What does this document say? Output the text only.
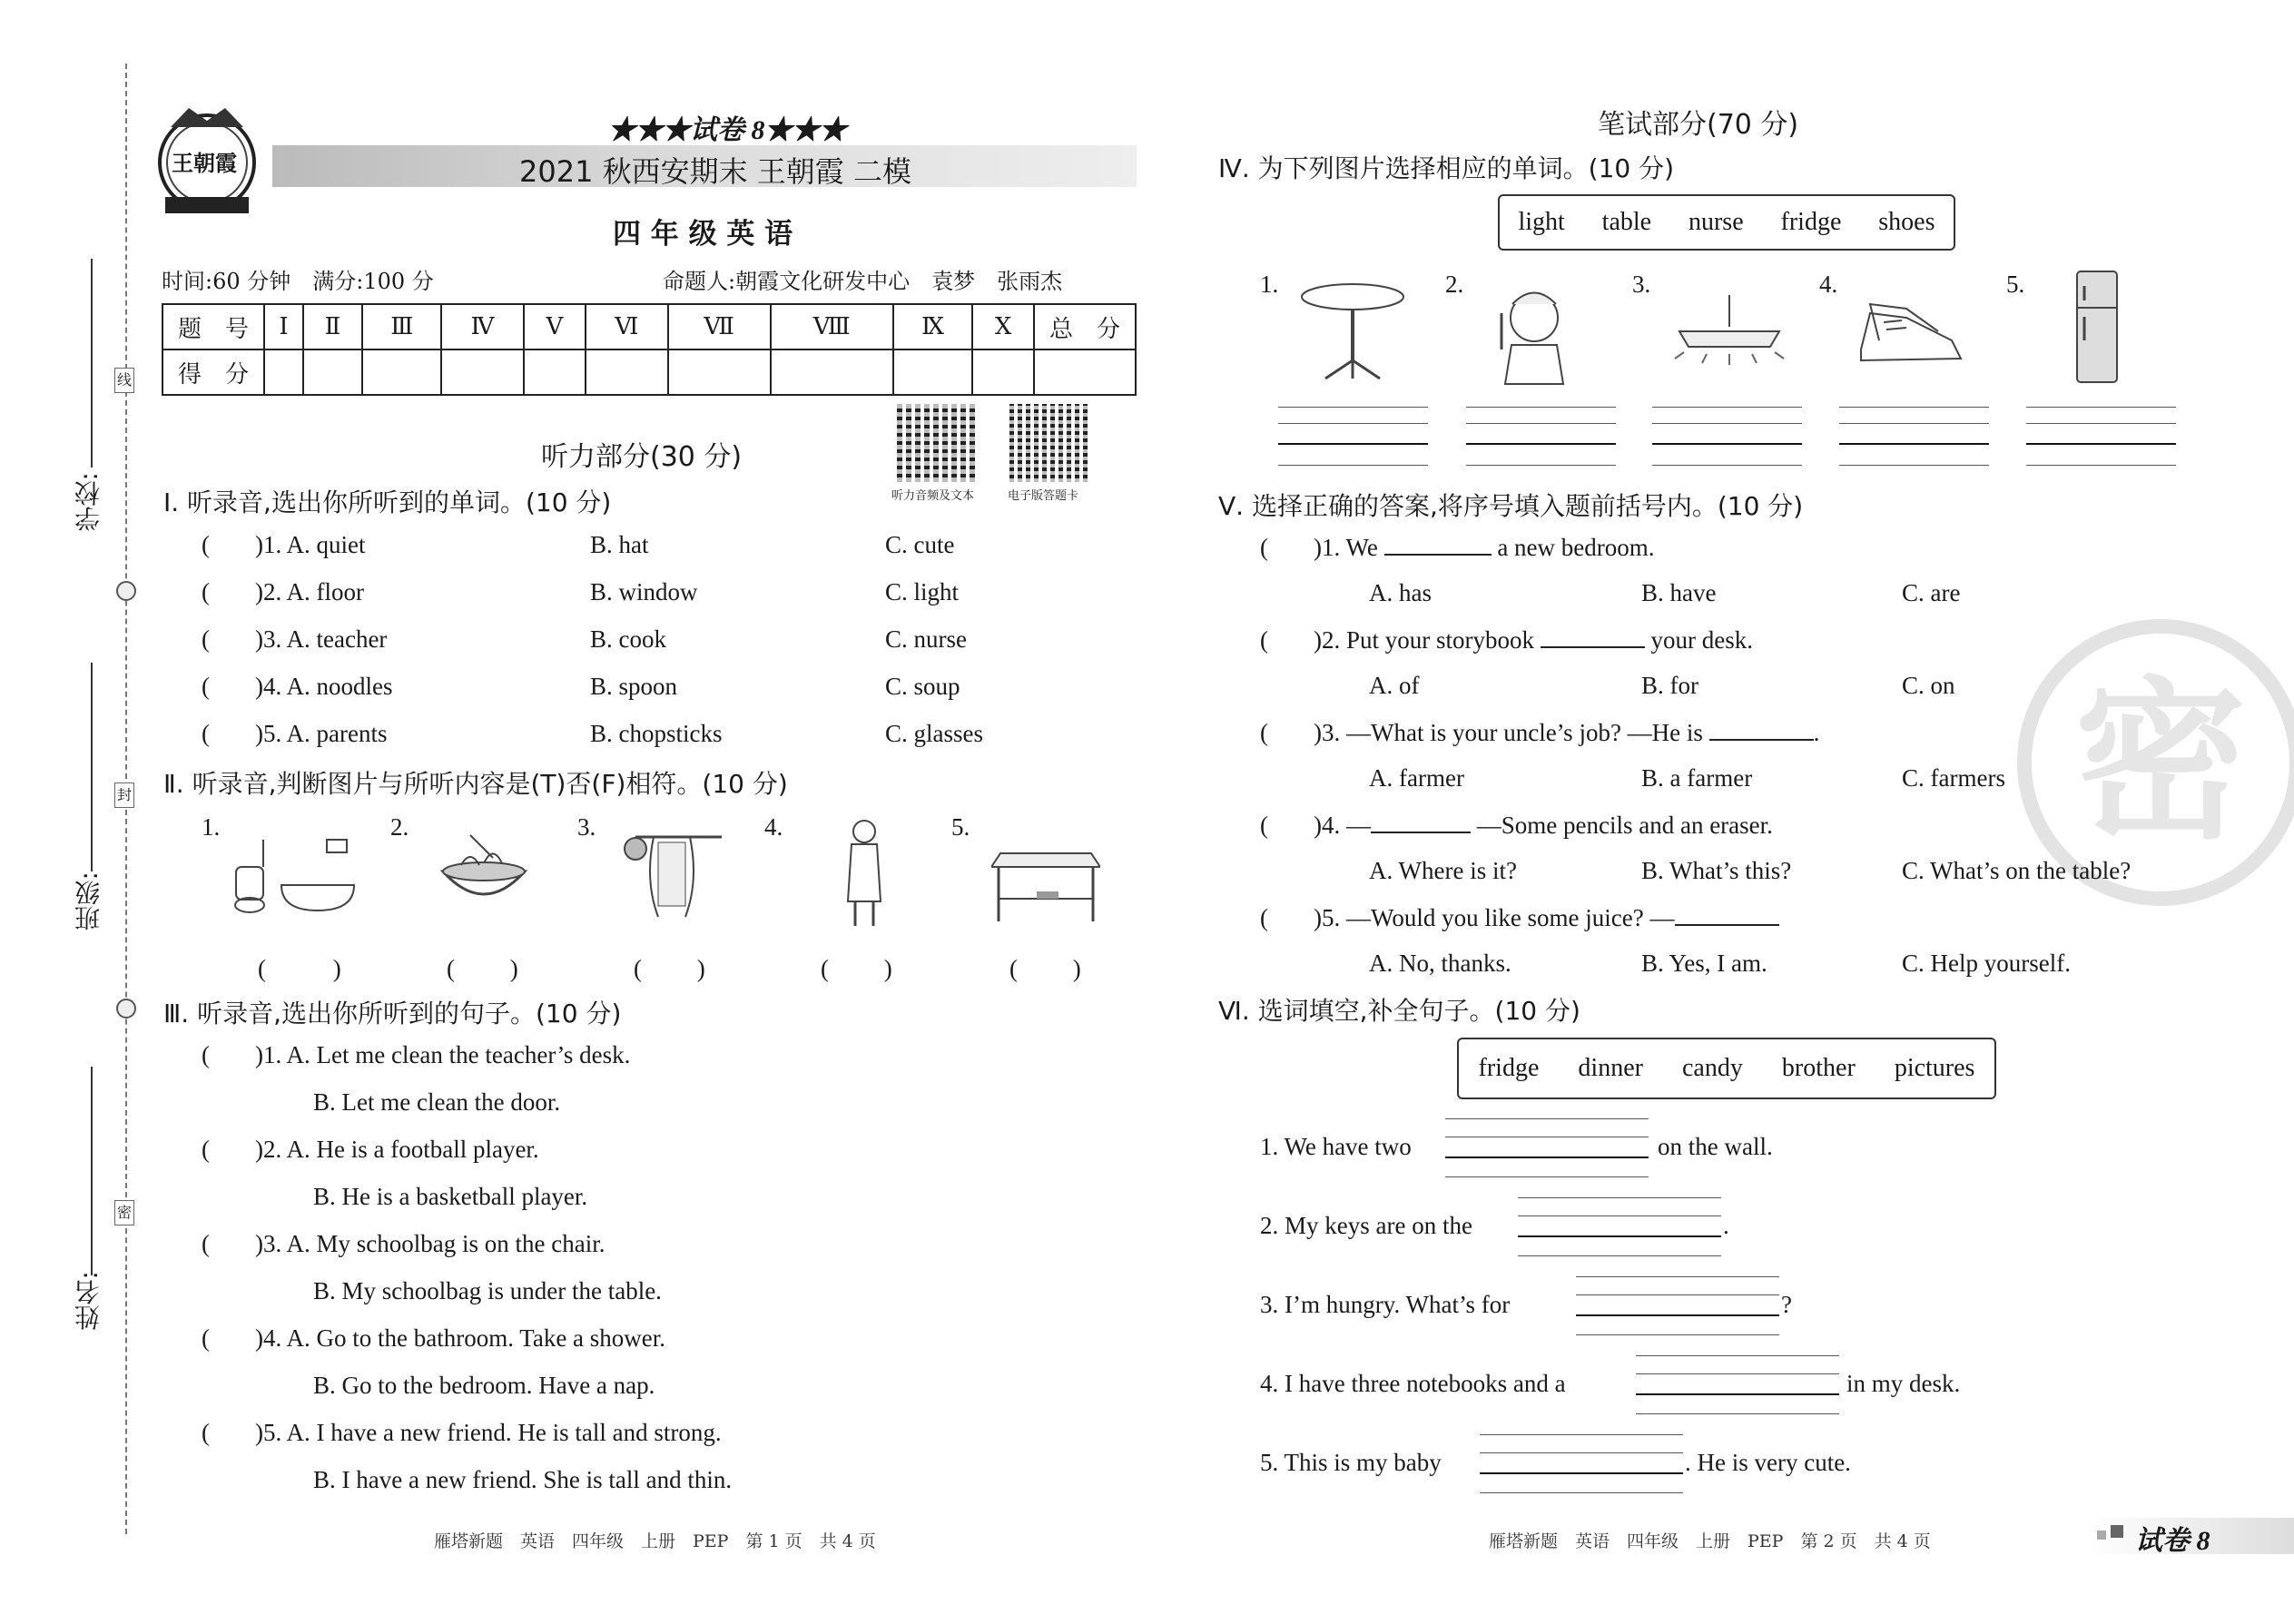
学校:
班级:
姓名:
线
封
密
王朝霞
★★★试卷 8★★★
2021 秋西安期末 王朝霞 二模
四 年 级 英 语
时间:60 分钟　满分:100 分	命题人:朝霞文化研发中心　袁梦　张雨杰
题　号	Ⅰ	Ⅱ	Ⅲ	Ⅳ	Ⅴ	Ⅵ	Ⅶ	Ⅷ	Ⅸ	Ⅹ	总　分
得　分											
听力音频及文本	电子版答题卡
听力部分(30 分)
Ⅰ. 听录音,选出你所听到的单词。(10 分)
( )1. A. quiet	B. hat	C. cute
( )2. A. floor	B. window	C. light
( )3. A. teacher	B. cook	C. nurse
( )4. A. noodles	B. spoon	C. soup
( )5. A. parents	B. chopsticks	C. glasses
Ⅱ. 听录音,判断图片与所听内容是(T)否(F)相符。(10 分)
1.	2.	3.	4.	5.
(　 )	(　　 )	(　　 )	(　　 )	(　　 )
Ⅲ. 听录音,选出你所听到的句子。(10 分)
( )1. A. Let me clean the teacher’s desk.
B. Let me clean the door.
( )2. A. He is a football player.
B. He is a basketball player.
( )3. A. My schoolbag is on the chair.
B. My schoolbag is under the table.
( )4. A. Go to the bathroom. Take a shower.
B. Go to the bedroom. Have a nap.
( )5. A. I have a new friend. He is tall and strong.
B. I have a new friend. She is tall and thin.
雁塔新题　英语　四年级　上册　PEP　第 1 页　共 4 页
笔试部分(70 分)
Ⅳ. 为下列图片选择相应的单词。(10 分)
light table nurse fridge shoes
1.	2.	3.	4.	5.
密
Ⅴ. 选择正确的答案,将序号填入题前括号内。(10 分)
( )1. We	a new bedroom.
A. has	B. have	C. are
( )2. Put your storybook	your desk.
A. of	B. for	C. on
( )3. —What is your uncle’s job? —He is	.
A. farmer	B. a farmer	C. farmers
( )4. —	—Some pencils and an eraser.
A. Where is it?	B. What’s this?	C. What’s on the table?
( )5. —Would you like some juice? —
A. No, thanks.	B. Yes, I am.	C. Help yourself.
Ⅵ. 选词填空,补全句子。(10 分)
fridge dinner candy brother pictures
1. We have two	on the wall.
2. My keys are on the	.
3. I’m hungry. What’s for	?
4. I have three notebooks and a	in my desk.
5. This is my baby	. He is very cute.
雁塔新题　英语　四年级　上册　PEP　第 2 页　共 4 页	试卷 8
